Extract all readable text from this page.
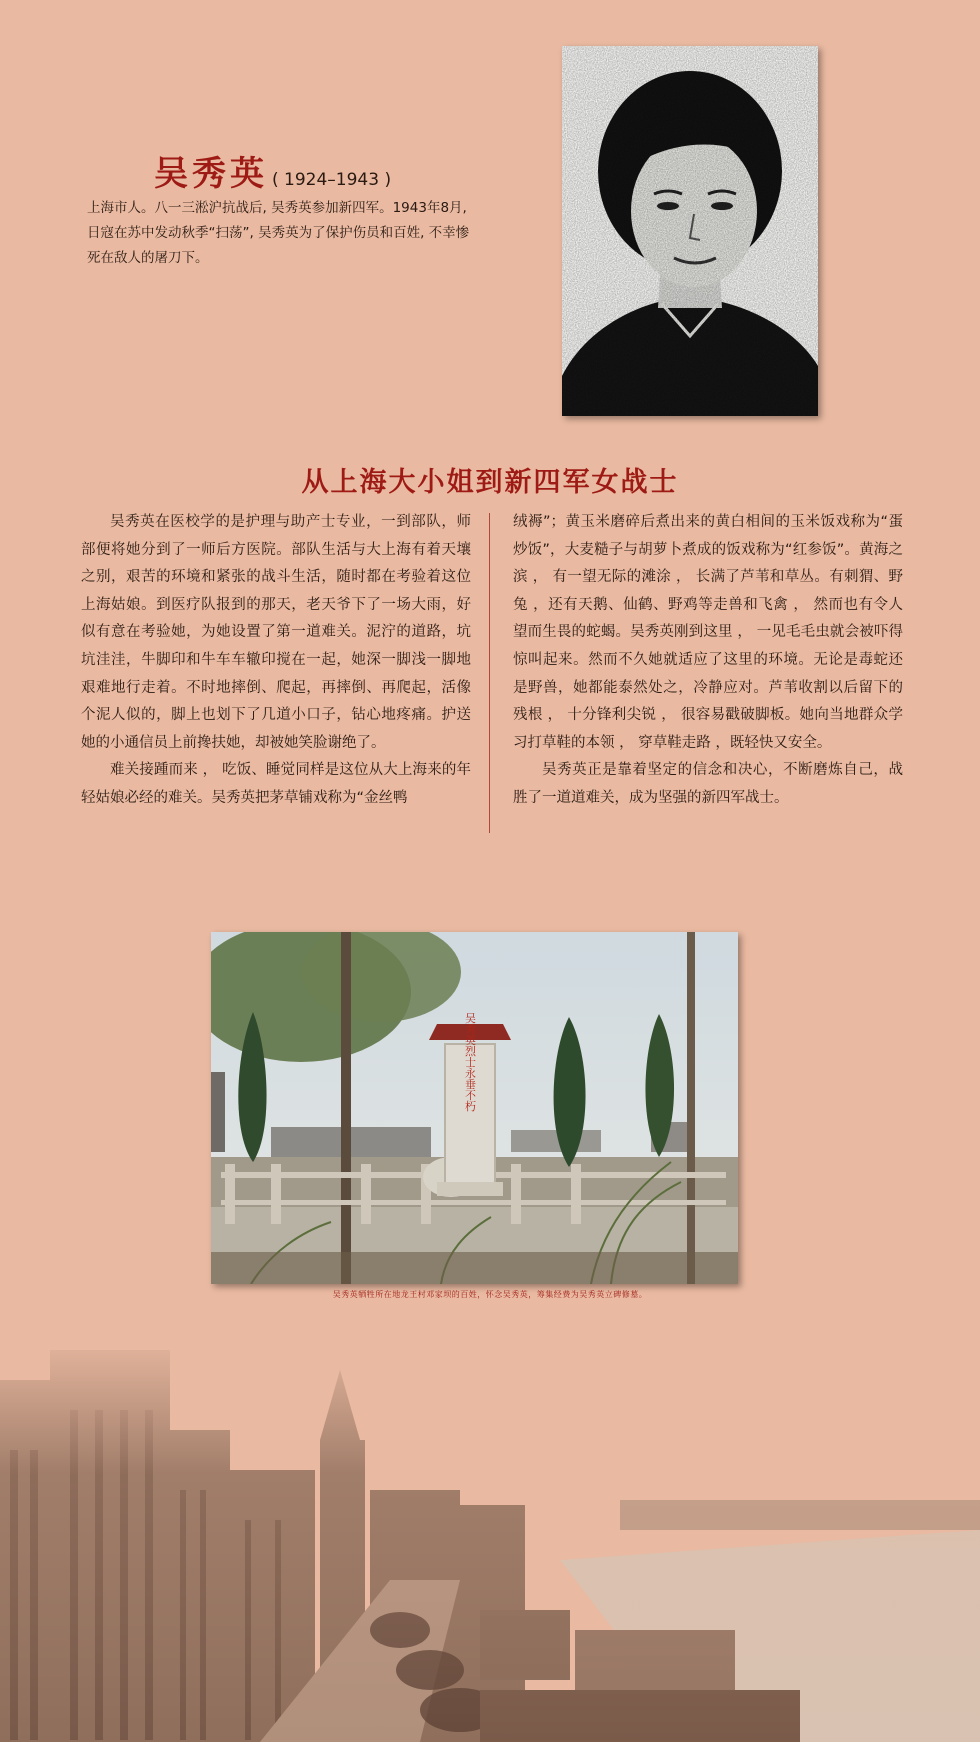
吴秀英 ( 1924–1943 )
上海市人。八一三淞沪抗战后, 吴秀英参加新四军。1943年8月, 日寇在苏中发动秋季“扫荡”, 吴秀英为了保护伤员和百姓, 不幸惨死在敌人的屠刀下。
从上海大小姐到新四军女战士

吴秀英在医校学的是护理与助产士专业，一到部队，师部便将她分到了一师后方医院。部队生活与大上海有着天壤之别，艰苦的环境和紧张的战斗生活，随时都在考验着这位上海姑娘。到医疗队报到的那天，老天爷下了一场大雨，好似有意在考验她，为她设置了第一道难关。泥泞的道路，坑坑洼洼，牛脚印和牛车车辙印搅在一起，她深一脚浅一脚地艰难地行走着。不时地摔倒、爬起，再摔倒、再爬起，活像个泥人似的，脚上也划下了几道小口子，钻心地疼痛。护送她的小通信员上前搀扶她，却被她笑脸谢绝了。

难关接踵而来 ， 吃饭、睡觉同样是这位从大上海来的年轻姑娘必经的难关。吴秀英把茅草铺戏称为“金丝鸭

绒褥”；黄玉米磨碎后煮出来的黄白相间的玉米饭戏称为“蛋炒饭”，大麦糙子与胡萝卜煮成的饭戏称为“红参饭”。黄海之滨 ， 有一望无际的滩涂 ， 长满了芦苇和草丛。有刺猬、野兔 ，还有天鹅、仙鹤、野鸡等走兽和飞禽 ， 然而也有令人望而生畏的蛇蝎。吴秀英刚到这里 ， 一见毛毛虫就会被吓得惊叫起来。然而不久她就适应了这里的环境。无论是毒蛇还是野兽，她都能泰然处之，冷静应对。芦苇收割以后留下的残根 ， 十分锋利尖锐 ， 很容易戳破脚板。她向当地群众学习打草鞋的本领 ， 穿草鞋走路 ，既轻快又安全。

吴秀英正是靠着坚定的信念和决心，不断磨炼自己，战胜了一道道难关，成为坚强的新四军战士。

吴秀英烈士永垂不朽
吴秀英牺牲所在地龙王村邓家坝的百姓，怀念吴秀英，筹集经费为吴秀英立碑修墓。
